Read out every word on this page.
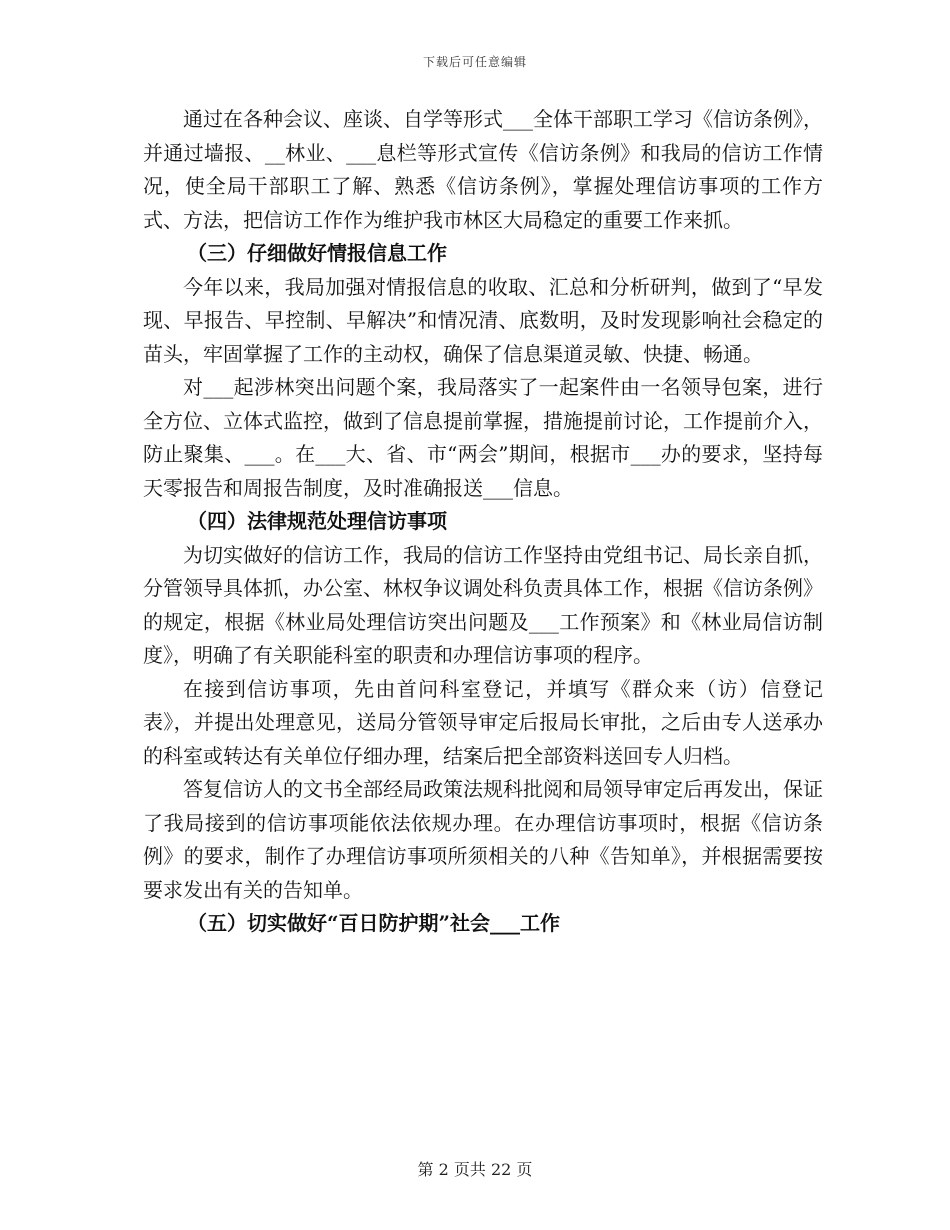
下载后可任意编辑

通过在各种会议、座谈、自学等形式___全体干部职工学习《信访条例》，并通过墙报、__林业、___息栏等形式宣传《信访条例》和我局的信访工作情况，使全局干部职工了解、熟悉《信访条例》，掌握处理信访事项的工作方式、方法，把信访工作作为维护我市林区大局稳定的重要工作来抓。

（三）仔细做好情报信息工作

今年以来，我局加强对情报信息的收取、汇总和分析研判，做到了“早发现、早报告、早控制、早解决”和情况清、底数明，及时发现影响社会稳定的苗头，牢固掌握了工作的主动权，确保了信息渠道灵敏、快捷、畅通。

对___起涉林突出问题个案，我局落实了一起案件由一名领导包案，进行全方位、立体式监控，做到了信息提前掌握，措施提前讨论，工作提前介入，防止聚集、___。在___大、省、市“两会”期间，根据市___办的要求，坚持每天零报告和周报告制度，及时准确报送___信息。

（四）法律规范处理信访事项

为切实做好的信访工作，我局的信访工作坚持由党组书记、局长亲自抓，分管领导具体抓，办公室、林权争议调处科负责具体工作，根据《信访条例》的规定，根据《林业局处理信访突出问题及___工作预案》和《林业局信访制度》，明确了有关职能科室的职责和办理信访事项的程序。

在接到信访事项，先由首问科室登记，并填写《群众来（访）信登记表》，并提出处理意见，送局分管领导审定后报局长审批，之后由专人送承办的科室或转达有关单位仔细办理，结案后把全部资料送回专人归档。

答复信访人的文书全部经局政策法规科批阅和局领导审定后再发出，保证了我局接到的信访事项能依法依规办理。在办理信访事项时，根据《信访条例》的要求，制作了办理信访事项所须相关的八种《告知单》，并根据需要按要求发出有关的告知单。

（五）切实做好“百日防护期”社会___工作

第 2 页共 22 页
